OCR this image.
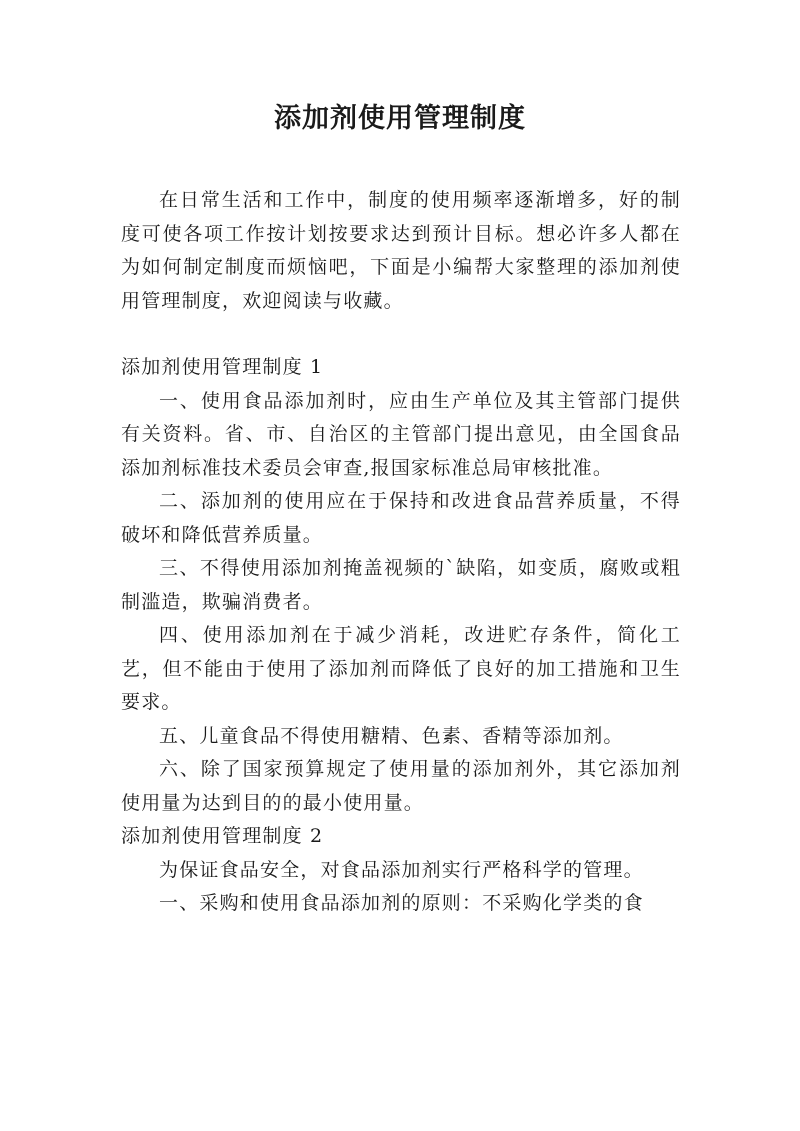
添加剂使用管理制度

在日常生活和工作中，制度的使用频率逐渐增多，好的制度可使各项工作按计划按要求达到预计目标。想必许多人都在为如何制定制度而烦恼吧，下面是小编帮大家整理的添加剂使用管理制度，欢迎阅读与收藏。

添加剂使用管理制度 1

一、使用食品添加剂时，应由生产单位及其主管部门提供有关资料。省、市、自治区的主管部门提出意见，由全国食品添加剂标准技术委员会审查,报国家标准总局审核批准。

二、添加剂的使用应在于保持和改进食品营养质量，不得破坏和降低营养质量。

三、不得使用添加剂掩盖视频的`缺陷，如变质，腐败或粗制滥造，欺骗消费者。

四、使用添加剂在于减少消耗，改进贮存条件，简化工艺，但不能由于使用了添加剂而降低了良好的加工措施和卫生要求。

五、儿童食品不得使用糖精、色素、香精等添加剂。

六、除了国家预算规定了使用量的添加剂外，其它添加剂使用量为达到目的的最小使用量。

添加剂使用管理制度 2

为保证食品安全，对食品添加剂实行严格科学的管理。

一、采购和使用食品添加剂的原则：不采购化学类的食
